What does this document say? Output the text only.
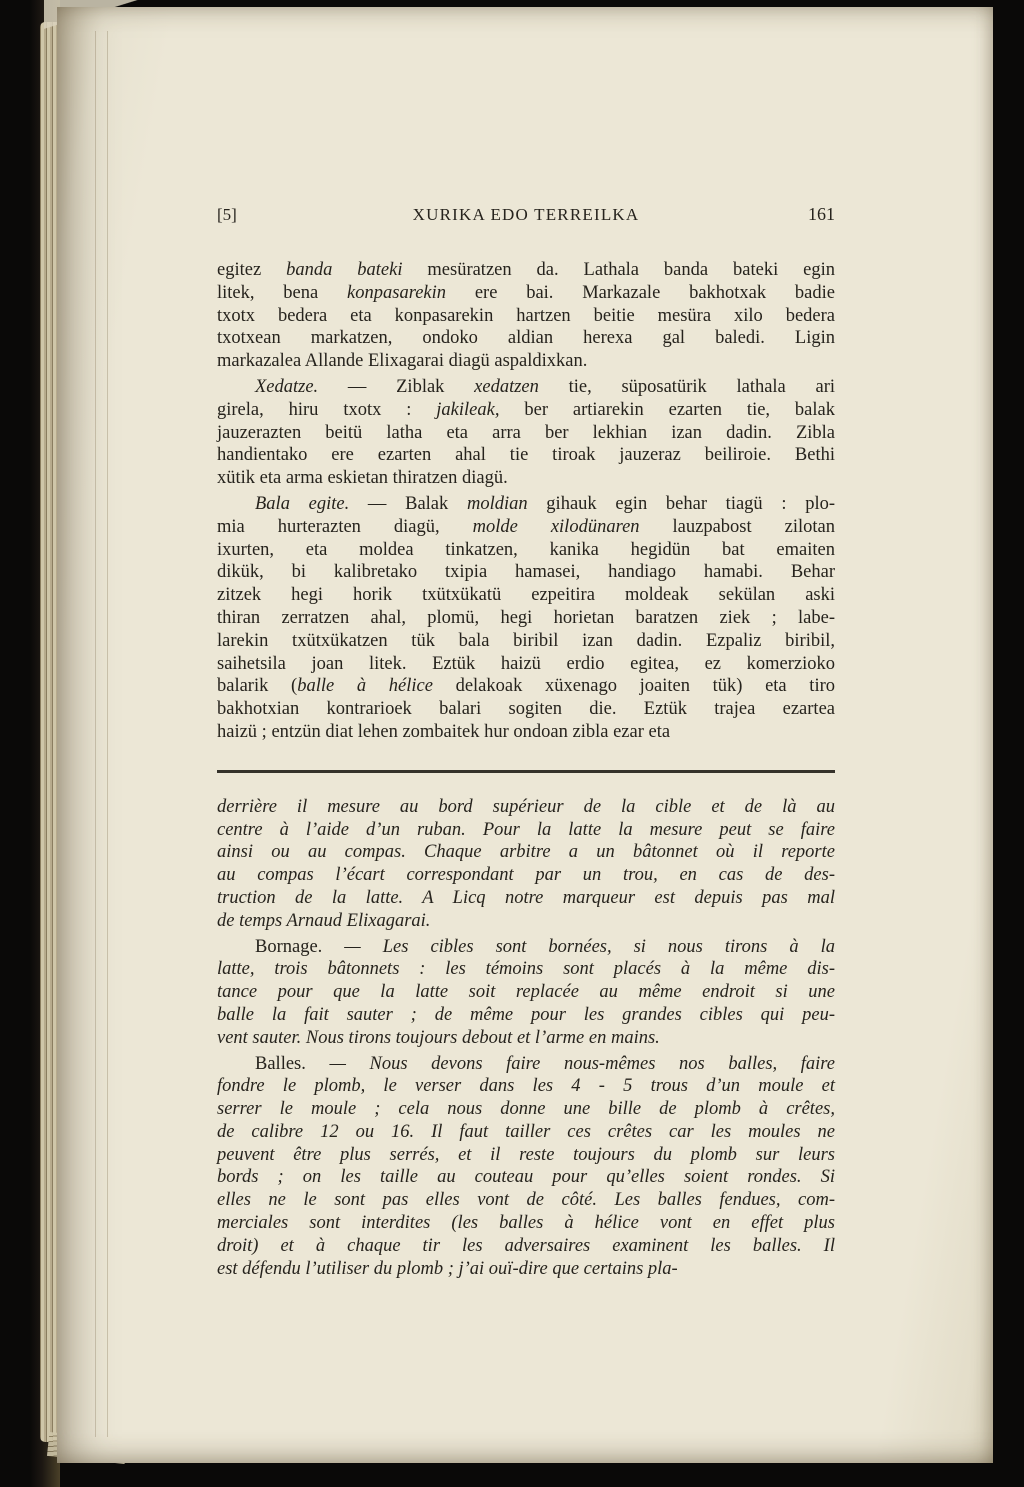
[5]	XURIKA EDO TERREILKA	161
egitez banda bateki mesüratzen da. Lathala banda bateki egin
litek, bena konpasarekin ere bai. Markazale bakhotxak badie
txotx bedera eta konpasarekin hartzen beitie mesüra xilo bedera
txotxean markatzen, ondoko aldian herexa gal baledi. Ligin
markazalea Allande Elixagarai diagü aspaldixkan.
Xedatze. — Ziblak xedatzen tie, süposatürik lathala ari
girela, hiru txotx : jakileak, ber artiarekin ezarten tie, balak
jauzerazten beitü latha eta arra ber lekhian izan dadin. Zibla
handientako ere ezarten ahal tie tiroak jauzeraz beiliroie. Bethi
xütik eta arma eskietan thiratzen diagü.
Bala egite. — Balak moldian gihauk egin behar tiagü : plo-
mia hurterazten diagü, molde xilodünaren lauzpabost zilotan
ixurten, eta moldea tinkatzen, kanika hegidün bat emaiten
dikük, bi kalibretako txipia hamasei, handiago hamabi. Behar
zitzek hegi horik txütxükatü ezpeitira moldeak sekülan aski
thiran zerratzen ahal, plomü, hegi horietan baratzen ziek ; labe-
larekin txütxükatzen tük bala biribil izan dadin. Ezpaliz biribil,
saihetsila joan litek. Eztük haizü erdio egitea, ez komerzioko
balarik (balle à hélice delakoak xüxenago joaiten tük) eta tiro
bakhotxian kontrarioek balari sogiten die. Eztük trajea ezartea
haizü ; entzün diat lehen zombaitek hur ondoan zibla ezar eta
derrière il mesure au bord supérieur de la cible et de là au
centre à l’aide d’un ruban. Pour la latte la mesure peut se faire
ainsi ou au compas. Chaque arbitre a un bâtonnet où il reporte
au compas l’écart correspondant par un trou, en cas de des-
truction de la latte. A Licq notre marqueur est depuis pas mal
de temps Arnaud Elixagarai.
Bornage. — Les cibles sont bornées, si nous tirons à la
latte, trois bâtonnets : les témoins sont placés à la même dis-
tance pour que la latte soit replacée au même endroit si une
balle la fait sauter ; de même pour les grandes cibles qui peu-
vent sauter. Nous tirons toujours debout et l’arme en mains.
Balles. — Nous devons faire nous-mêmes nos balles, faire
fondre le plomb, le verser dans les 4 - 5 trous d’un moule et
serrer le moule ; cela nous donne une bille de plomb à crêtes,
de calibre 12 ou 16. Il faut tailler ces crêtes car les moules ne
peuvent être plus serrés, et il reste toujours du plomb sur leurs
bords ; on les taille au couteau pour qu’elles soient rondes. Si
elles ne le sont pas elles vont de côté. Les balles fendues, com-
merciales sont interdites (les balles à hélice vont en effet plus
droit) et à chaque tir les adversaires examinent les balles. Il
est défendu l’utiliser du plomb ; j’ai ouï-dire que certains pla-
